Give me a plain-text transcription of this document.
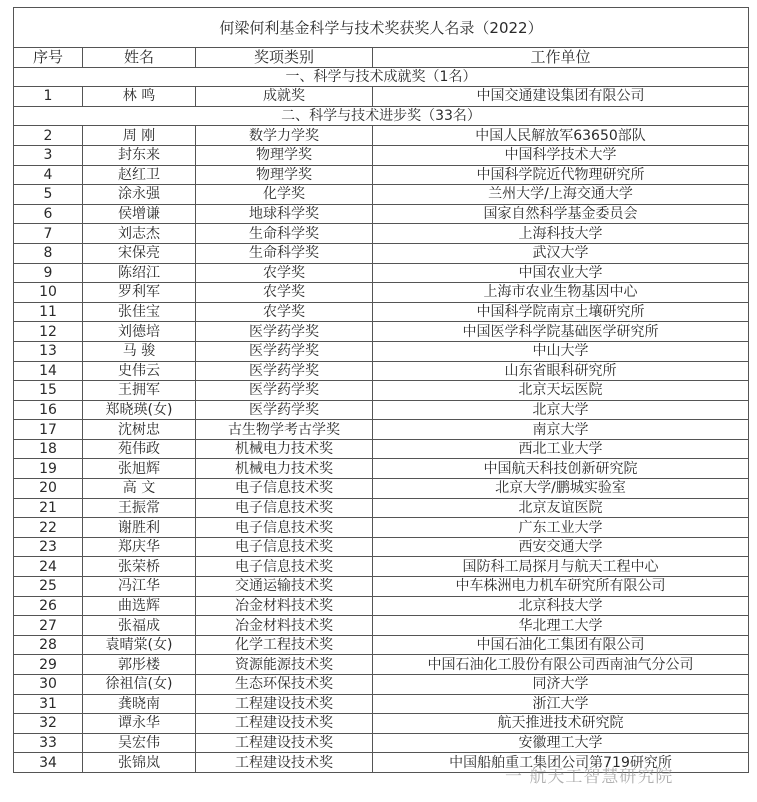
何梁何利基金科学与技术奖获奖人名录（2022）			
序号	姓名	奖项类别	工作单位
一、科学与技术成就奖（1名）			
1	林 鸣	成就奖	中国交通建设集团有限公司
二、科学与技术进步奖（33名）			
2	周 刚	数学力学奖	中国人民解放军63650部队
3	封东来	物理学奖	中国科学技术大学
4	赵红卫	物理学奖	中国科学院近代物理研究所
5	涂永强	化学奖	兰州大学/上海交通大学
6	侯增谦	地球科学奖	国家自然科学基金委员会
7	刘志杰	生命科学奖	上海科技大学
8	宋保亮	生命科学奖	武汉大学
9	陈绍江	农学奖	中国农业大学
10	罗利军	农学奖	上海市农业生物基因中心
11	张佳宝	农学奖	中国科学院南京土壤研究所
12	刘德培	医学药学奖	中国医学科学院基础医学研究所
13	马 骏	医学药学奖	中山大学
14	史伟云	医学药学奖	山东省眼科研究所
15	王拥军	医学药学奖	北京天坛医院
16	郑晓瑛(女)	医学药学奖	北京大学
17	沈树忠	古生物学考古学奖	南京大学
18	苑伟政	机械电力技术奖	西北工业大学
19	张旭辉	机械电力技术奖	中国航天科技创新研究院
20	高 文	电子信息技术奖	北京大学/鹏城实验室
21	王振常	电子信息技术奖	北京友谊医院
22	谢胜利	电子信息技术奖	广东工业大学
23	郑庆华	电子信息技术奖	西安交通大学
24	张荣桥	电子信息技术奖	国防科工局探月与航天工程中心
25	冯江华	交通运输技术奖	中车株洲电力机车研究所有限公司
26	曲选辉	冶金材料技术奖	北京科技大学
27	张福成	冶金材料技术奖	华北理工大学
28	袁晴棠(女)	化学工程技术奖	中国石油化工集团有限公司
29	郭彤楼	资源能源技术奖	中国石油化工股份有限公司西南油气分公司
30	徐祖信(女)	生态环保技术奖	同济大学
31	龚晓南	工程建设技术奖	浙江大学
32	谭永华	工程建设技术奖	航天推进技术研究院
33	吴宏伟	工程建设技术奖	安徽理工大学
34	张锦岚	工程建设技术奖	中国船舶重工集团公司第719研究所
一 航天工智慧研究院
